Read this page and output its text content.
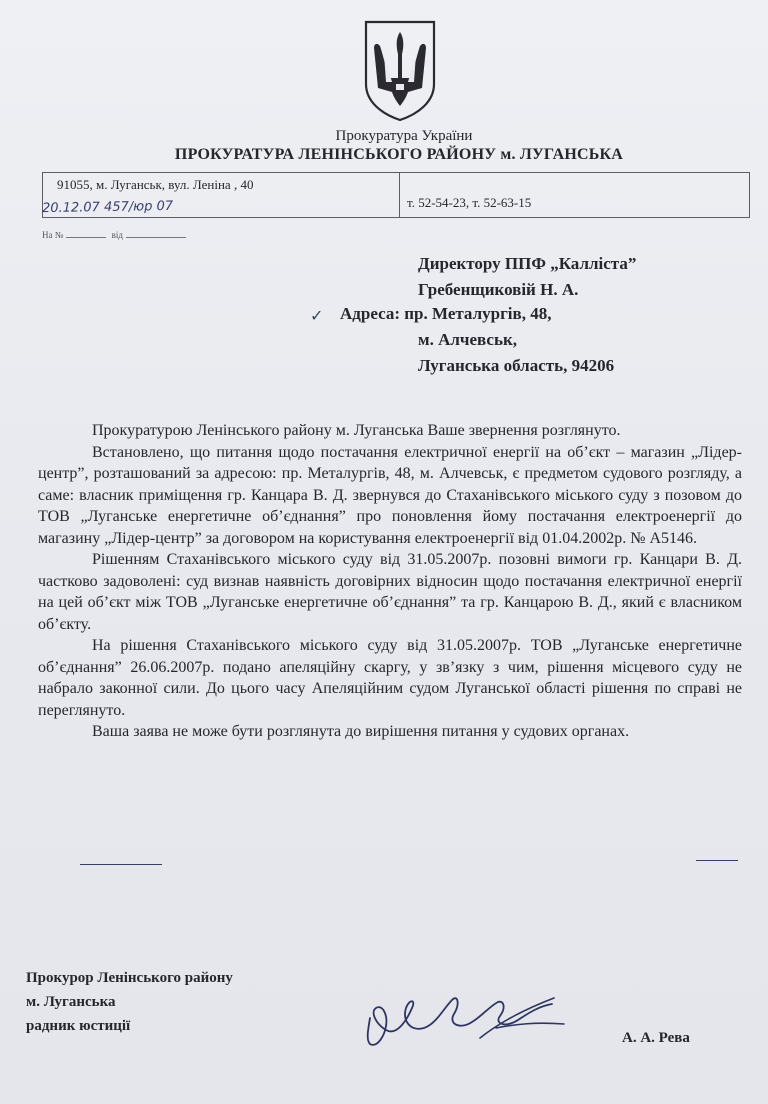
Прокуратура України
ПРОКУРАТУРА ЛЕНІНСЬКОГО РАЙОНУ м. ЛУГАНСЬКА
91055, м. Луганськ, вул. Леніна , 40
т. 52-54-23, т. 52-63-15
20.12.07 457/юр 07
На №	від
✓
Директору ППФ „Калліста”
Гребенщиковій Н. А.
Адреса: пр. Металургів, 48,
м. Алчевськ,
Луганська область, 94206

Прокуратурою Ленінського району м. Луганська Ваше звернення розглянуто.

Встановлено, що питання щодо постачання електричної енергії на об’єкт – магазин „Лідер-центр”, розташований за адресою: пр. Металургів, 48, м. Алчевськ, є предметом судового розгляду, а саме: власник приміщення гр. Канцара В. Д. звернувся до Стаханівського міського суду з позовом до ТОВ „Луганське енергетичне об’єднання” про поновлення йому постачання електроенергії до магазину „Лідер-центр” за договором на користування електроенергії від 01.04.2002р. № А5146.

Рішенням Стаханівського міського суду від 31.05.2007р. позовні вимоги гр. Канцари В. Д. частково задоволені: суд визнав наявність договірних відносин щодо постачання електричної енергії на цей об’єкт між ТОВ „Луганське енергетичне об’єднання” та гр. Канцарою В. Д., який є власником об’єкту.

На рішення Стаханівського міського суду від 31.05.2007р. ТОВ „Луганське енергетичне об’єднання” 26.06.2007р. подано апеляційну скаргу, у зв’язку з чим, рішення місцевого суду не набрало законної сили. До цього часу Апеляційним судом Луганської області рішення по справі не переглянуто.

Ваша заява не може бути розглянута до вирішення питання у судових органах.

Прокурор Ленінського району
м. Луганська
радник юстиції
А. А. Рева
